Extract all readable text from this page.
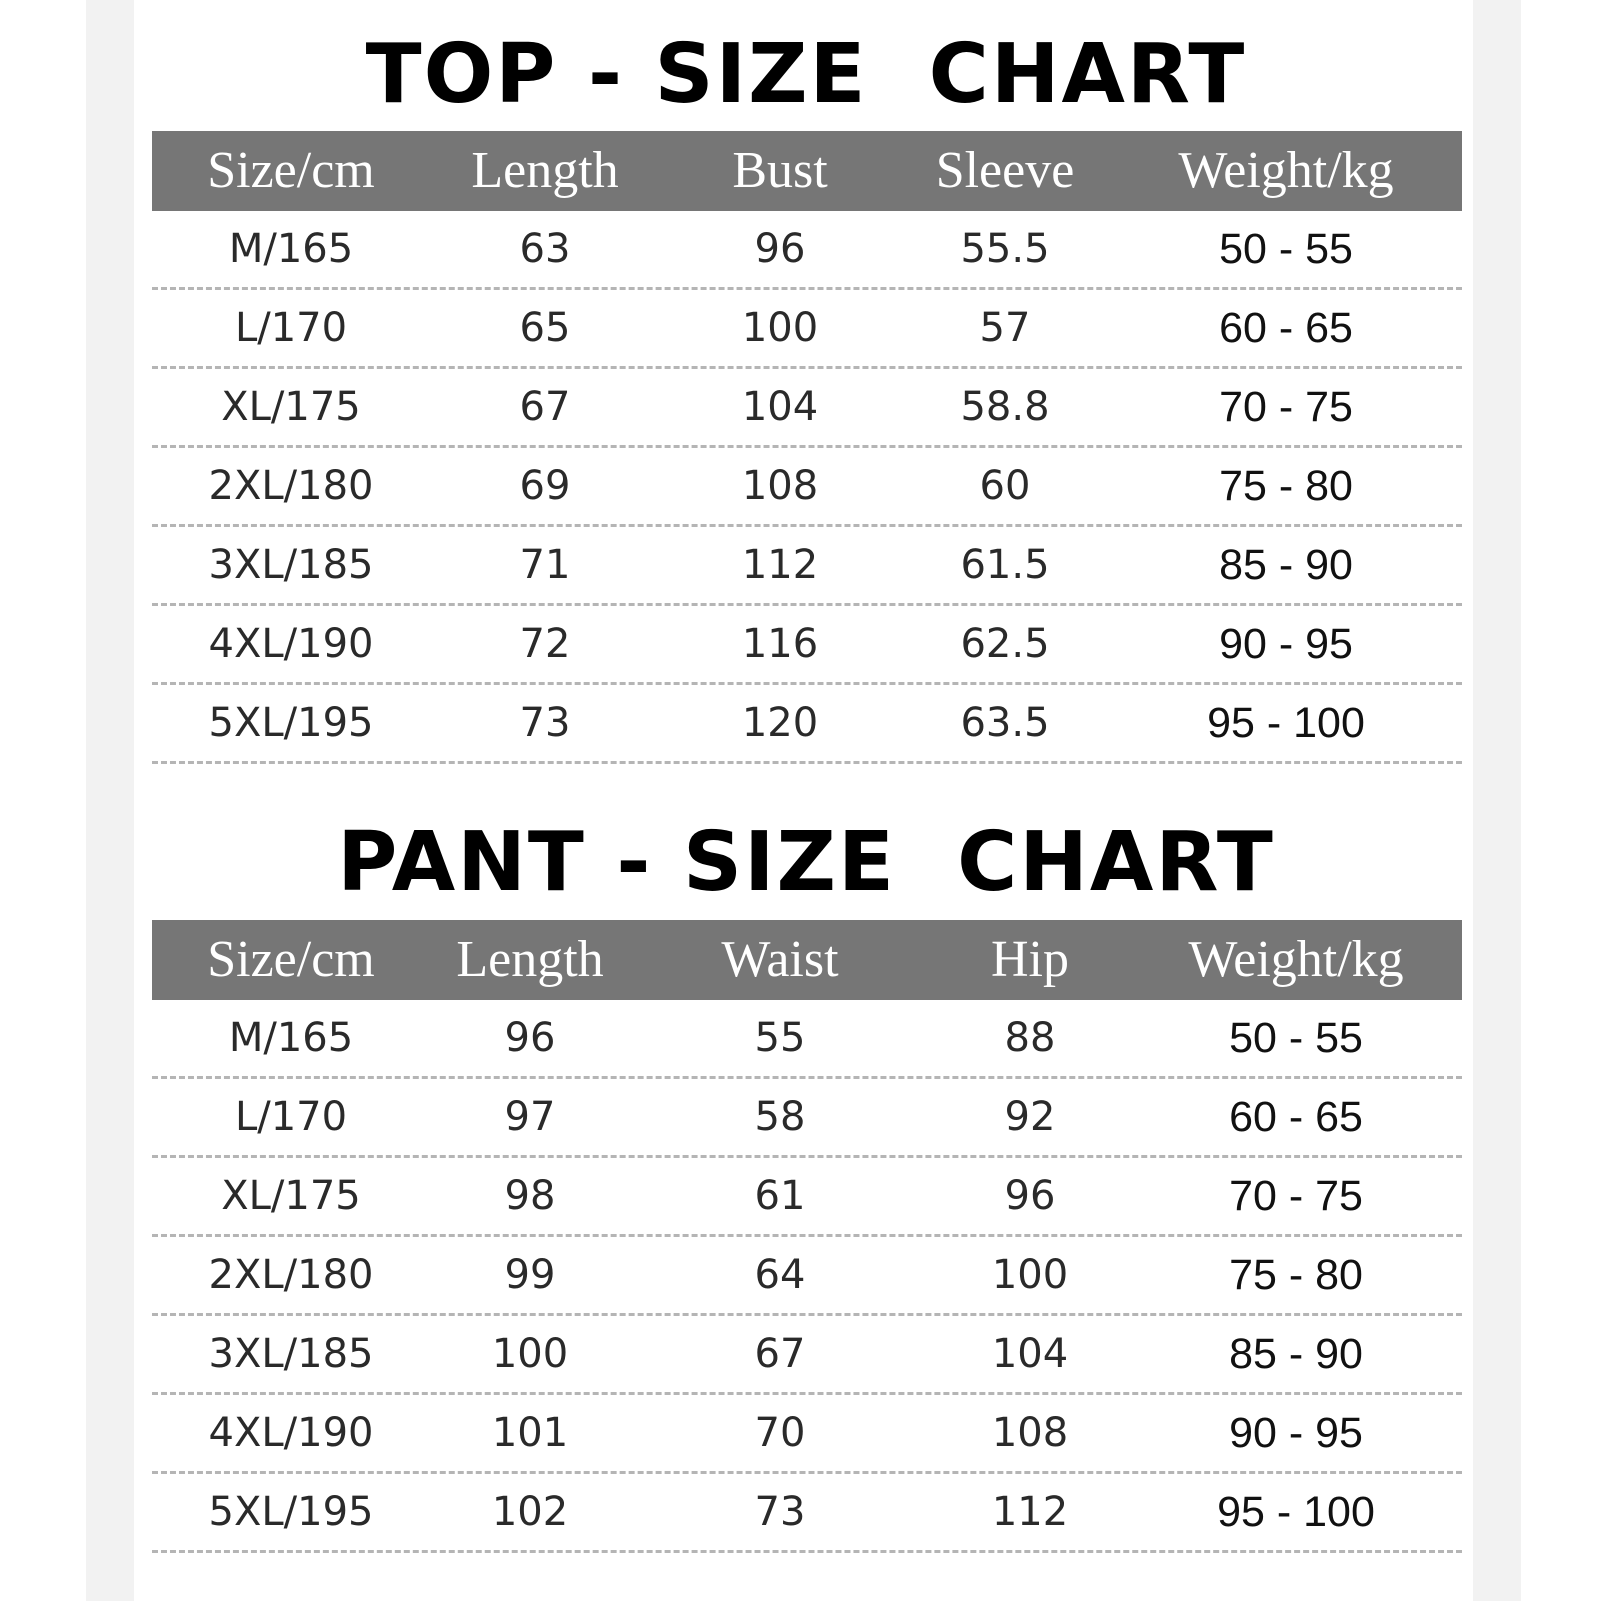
TOP - SIZE  CHART
Size/cm	Length	Bust	Sleeve	Weight/kg
M/165	63	96	55.5	50 - 55
L/170	65	100	57	60 - 65
XL/175	67	104	58.8	70 - 75
2XL/180	69	108	60	75 - 80
3XL/185	71	112	61.5	85 - 90
4XL/190	72	116	62.5	90 - 95
5XL/195	73	120	63.5	95 - 100
PANT - SIZE  CHART
Size/cm	Length	Waist	Hip	Weight/kg
M/165	96	55	88	50 - 55
L/170	97	58	92	60 - 65
XL/175	98	61	96	70 - 75
2XL/180	99	64	100	75 - 80
3XL/185	100	67	104	85 - 90
4XL/190	101	70	108	90 - 95
5XL/195	102	73	112	95 - 100
